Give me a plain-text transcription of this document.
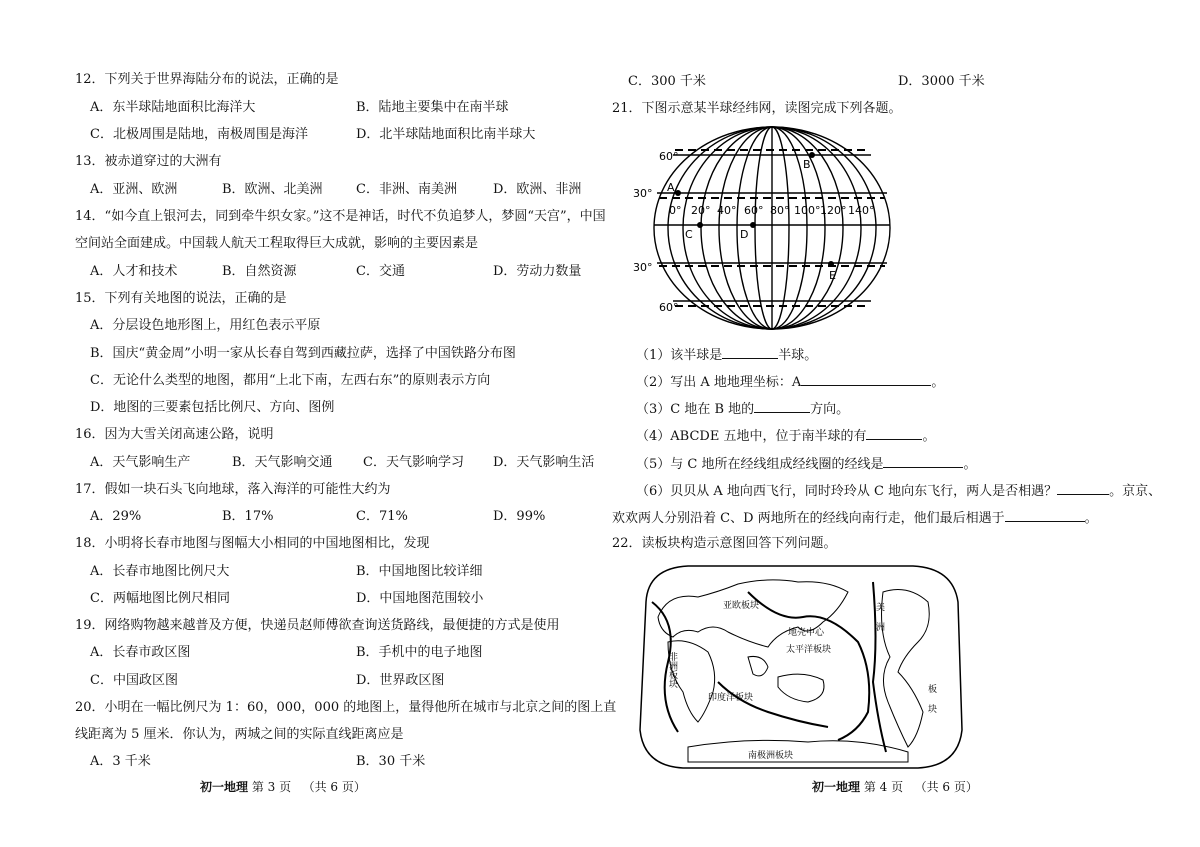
12．下列关于世界海陆分布的说法，正确的是
A．东半球陆地面积比海洋大	B．陆地主要集中在南半球
C．北极周围是陆地，南极周围是海洋	D．北半球陆地面积比南半球大
13．被赤道穿过的大洲有
A．亚洲、欧洲	B．欧洲、北美洲	C．非洲、南美洲	D．欧洲、非洲
14．“如今直上银河去，同到牵牛织女家。”这不是神话，时代不负追梦人，梦圆“天宫”，中国
空间站全面建成。中国载人航天工程取得巨大成就，影响的主要因素是
A．人才和技术	B．自然资源	C．交通	D．劳动力数量
15．下列有关地图的说法，正确的是
A．分层设色地形图上，用红色表示平原
B．国庆“黄金周”小明一家从长春自驾到西藏拉萨，选择了中国铁路分布图
C．无论什么类型的地图，都用“上北下南，左西右东”的原则表示方向
D．地图的三要素包括比例尺、方向、图例
16．因为大雪关闭高速公路，说明
A．天气影响生产	B．天气影响交通 C．天气影响学习 D．天气影响生活
17．假如一块石头飞向地球，落入海洋的可能性大约为
A．29%	B．17%	C．71%	D．99%
18．小明将长春市地图与图幅大小相同的中国地图相比，发现
A．长春市地图比例尺大	B．中国地图比较详细
C．两幅地图比例尺相同	D．中国地图范围较小
19．网络购物越来越普及方便，快递员赵师傅欲查询送货路线，最便捷的方式是使用
A．长春市政区图	B．手机中的电子地图
C．中国政区图	D．世界政区图
20．小明在一幅比例尺为 1：60，000，000 的地图上，量得他所在城市与北京之间的图上直
线距离为 5 厘米．你认为，两城之间的实际直线距离应是
A．3 千米	B．30 千米
初一地理 第 3 页 （共 6 页）
C．300 千米	D．3000 千米
21．下图示意某半球经纬网，读图完成下列各题。
60°
30°
30°
60°
0° 20° 40° 60° 80° 100° 120° 140°
A
B
C	D
E
（1）该半球是	半球。
（2）写出 A 地地理坐标：A	。
（3）C 地在 B 地的	方向。
（4）ABCDE 五地中，位于南半球的有	。
（5）与 C 地所在经线组成经线圈的经线是	。
（6）贝贝从 A 地向西飞行，同时玲玲从 C 地向东飞行，两人是否相遇？	。京京、
欢欢两人分别沿着 C、D 两地所在的经线向南行走，他们最后相遇于	。
22．读板块构造示意图回答下列问题。
亚欧板块
非洲板块
太平洋板块
印度洋板块
南极洲板块
地壳中心
美
洲
板
块
初一地理 第 4 页 （共 6 页）
